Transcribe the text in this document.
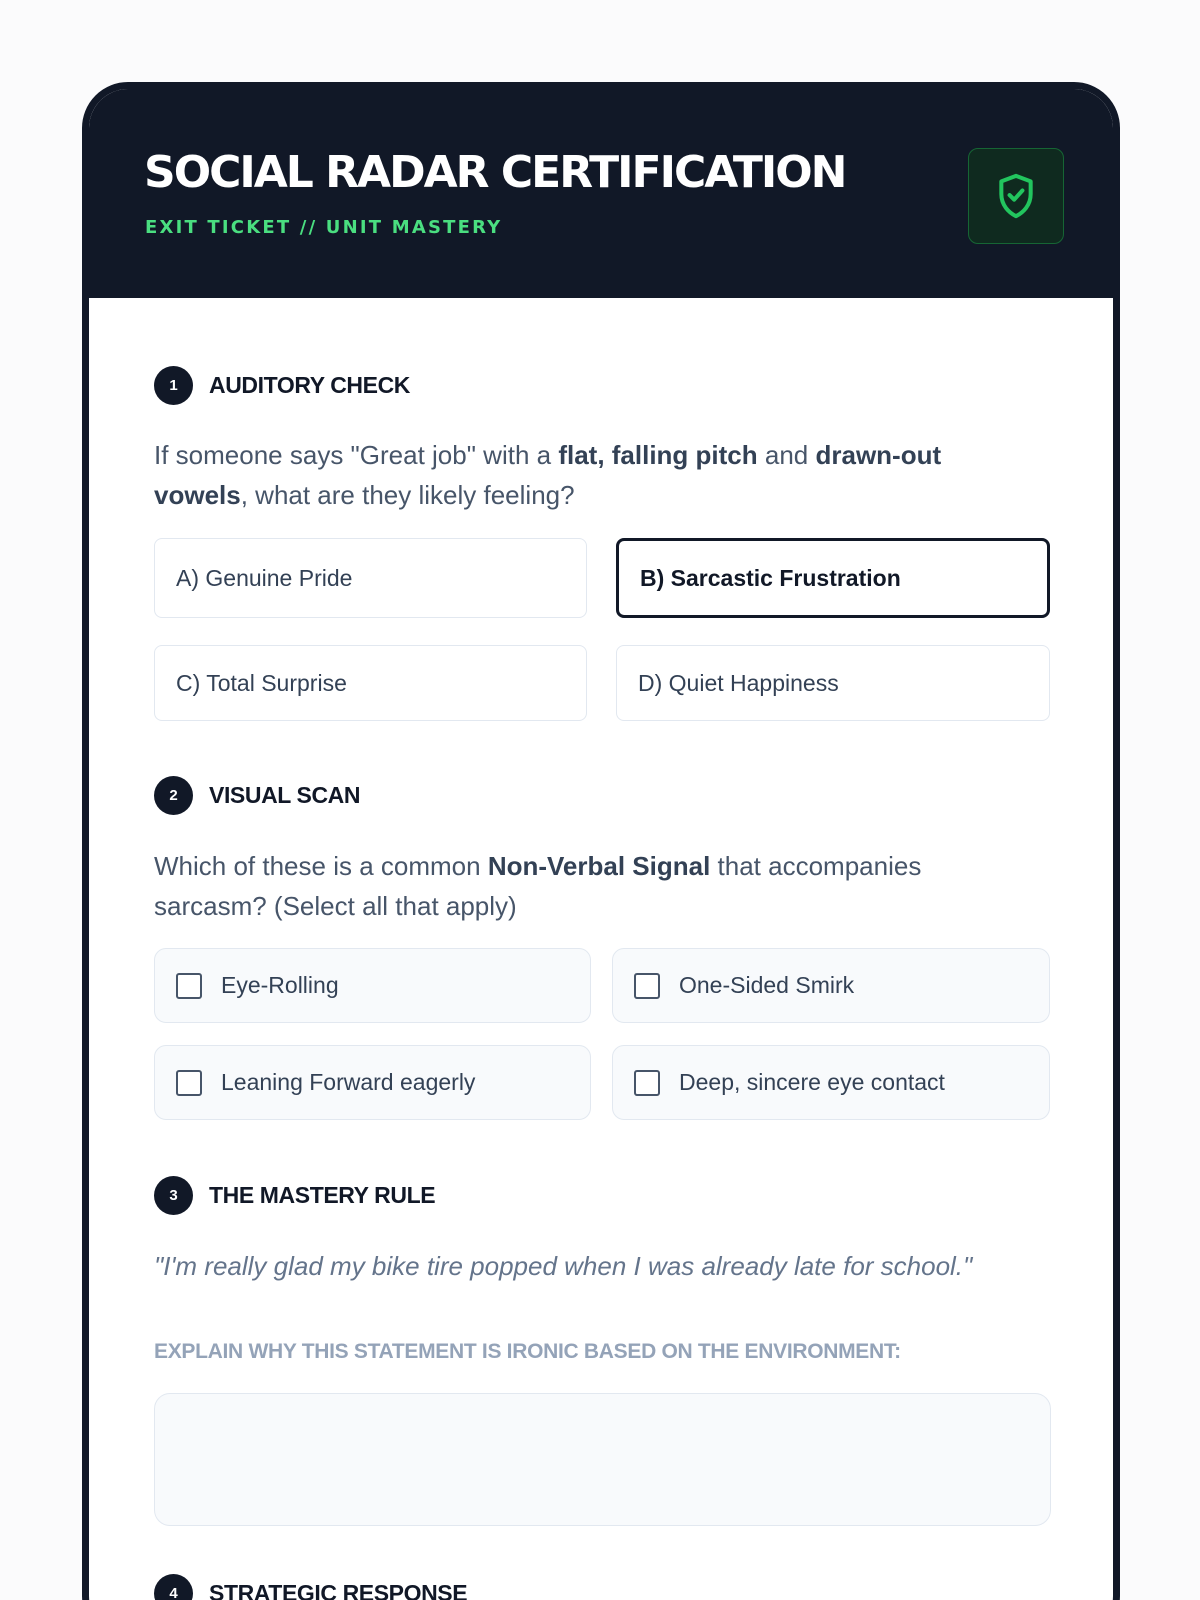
SOCIAL RADAR CERTIFICATION
EXIT TICKET // UNIT MASTERY
1	AUDITORY CHECK
If someone says "Great job" with a flat, falling pitch and drawn-out vowels, what are they likely feeling?
A) Genuine Pride	B) Sarcastic Frustration
C) Total Surprise	D) Quiet Happiness
2	VISUAL SCAN
Which of these is a common Non-Verbal Signal that accompanies sarcasm? (Select all that apply)
Eye-Rolling	One-Sided Smirk
Leaning Forward eagerly	Deep, sincere eye contact
3	THE MASTERY RULE
"I'm really glad my bike tire popped when I was already late for school."
EXPLAIN WHY THIS STATEMENT IS IRONIC BASED ON THE ENVIRONMENT:
4	STRATEGIC RESPONSE
